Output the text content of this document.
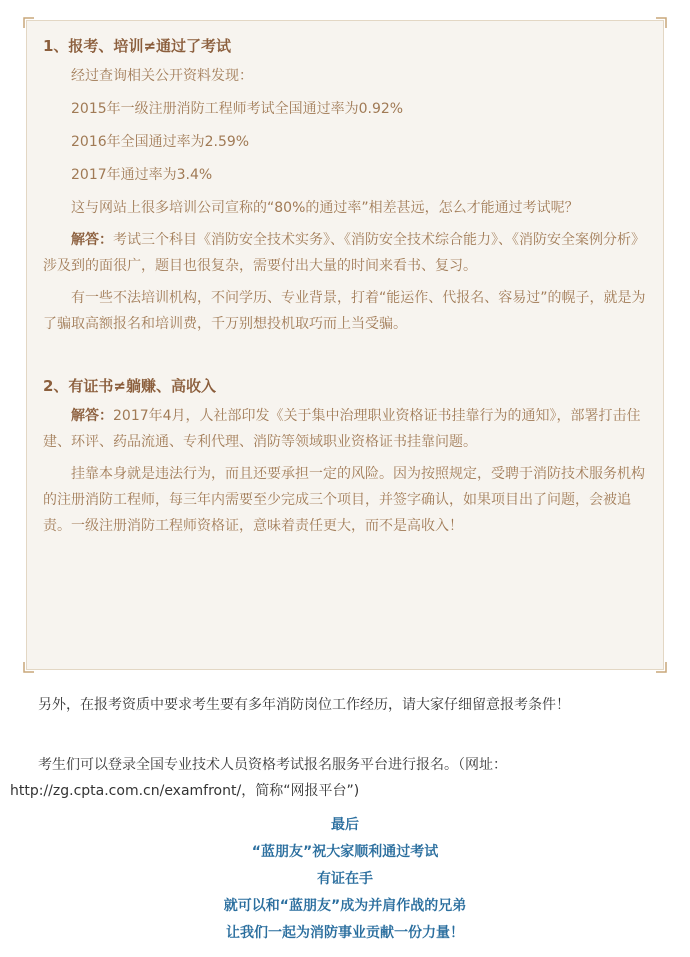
1、报考、培训≠通过了考试

经过查询相关公开资料发现：

2015年一级注册消防工程师考试全国通过率为0.92%

2016年全国通过率为2.59%

2017年通过率为3.4%

这与网站上很多培训公司宣称的“80%的通过率”相差甚远，怎么才能通过考试呢？

解答：考试三个科目《消防安全技术实务》、《消防安全技术综合能力》、《消防安全案例分析》涉及到的面很广，题目也很复杂，需要付出大量的时间来看书、复习。

有一些不法培训机构，不问学历、专业背景，打着“能运作、代报名、容易过”的幌子，就是为了骗取高额报名和培训费，千万别想投机取巧而上当受骗。

2、有证书≠躺赚、高收入

解答：2017年4月，人社部印发《关于集中治理职业资格证书挂靠行为的通知》，部署打击住建、环评、药品流通、专利代理、消防等领域职业资格证书挂靠问题。

挂靠本身就是违法行为，而且还要承担一定的风险。因为按照规定，受聘于消防技术服务机构的注册消防工程师，每三年内需要至少完成三个项目，并签字确认，如果项目出了问题，会被追责。一级注册消防工程师资格证，意味着责任更大，而不是高收入！

另外，在报考资质中要求考生要有多年消防岗位工作经历，请大家仔细留意报考条件！

考生们可以登录全国专业技术人员资格考试报名服务平台进行报名。（网址：http://zg.cpta.com.cn/examfront/，简称“网报平台”)

最后
“蓝朋友”祝大家顺利通过考试
有证在手
就可以和“蓝朋友”成为并肩作战的兄弟
让我们一起为消防事业贡献一份力量！
